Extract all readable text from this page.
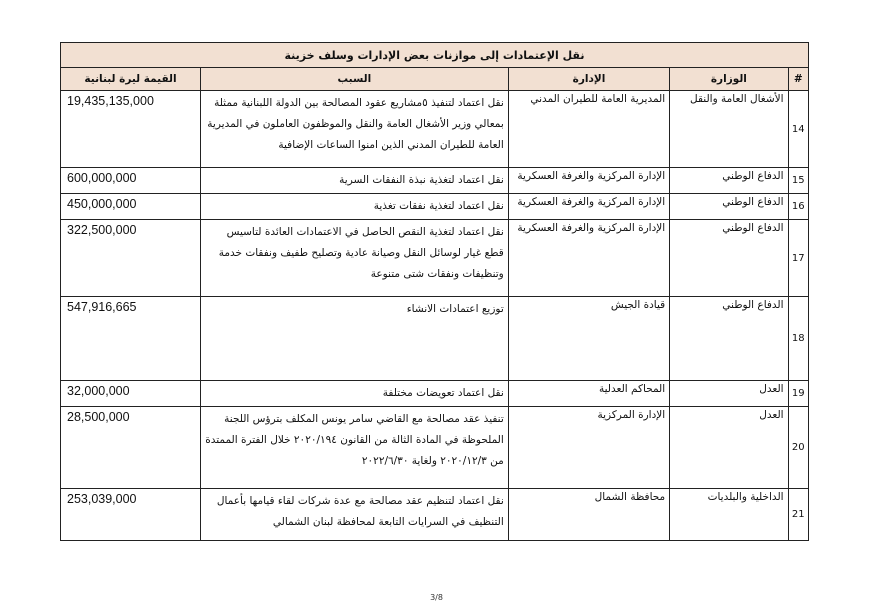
نقل الإعتمادات إلى موازنات بعض الإدارات وسلف خزينة				
#	الوزارة	الإدارة	السبب	القيمة ليرة لبنانية
14	الأشغال العامة والنقل	المديرية العامة للطيران المدني	نقل اعتماد لتنفيذ ٥مشاريع عقود المصالحة بين الدولة اللبنانية ممثلة بمعالي وزير الأشغال العامة والنقل والموظفون العاملون في المديرية العامة للطيران المدني الذين امنوا الساعات الإضافية	19,435,135,000
15	الدفاع الوطني	الإدارة المركزية والغرفة العسكرية	نقل اعتماد لتغذية نبذة النفقات السرية	600,000,000
16	الدفاع الوطني	الإدارة المركزية والغرفة العسكرية	نقل اعتماد لتغذية نفقات تغذية	450,000,000
17	الدفاع الوطني	الإدارة المركزية والغرفة العسكرية	نقل اعتماد لتغذية النقص الحاصل في الاعتمادات العائدة لتاسيس قطع غيار لوسائل النقل وصيانة عادية وتصليح طفيف ونفقات خدمة وتنظيفات ونفقات شتى متنوعة	322,500,000
18	الدفاع الوطني	قيادة الجيش	توزيع اعتمادات الانشاء	547,916,665
19	العدل	المحاكم العدلية	نقل اعتماد تعويضات مختلفة	32,000,000
20	العدل	الإدارة المركزية	تنفيذ عقد مصالحة مع القاضي سامر يونس المكلف بترؤس اللجنة الملحوظة في المادة الثالة من القانون ٢٠٢٠/١٩٤ خلال الفترة الممتدة من ٢٠٢٠/١٢/٣ ولغاية ٢٠٢٢/٦/٣٠	28,500,000
21	الداخلية والبلديات	محافظة الشمال	نقل اعتماد لتنظيم عقد مصالحة مع عدة شركات لقاء قيامها بأعمال التنظيف في السرايات التابعة لمحافظة لبنان الشمالي	253,039,000
3/8
